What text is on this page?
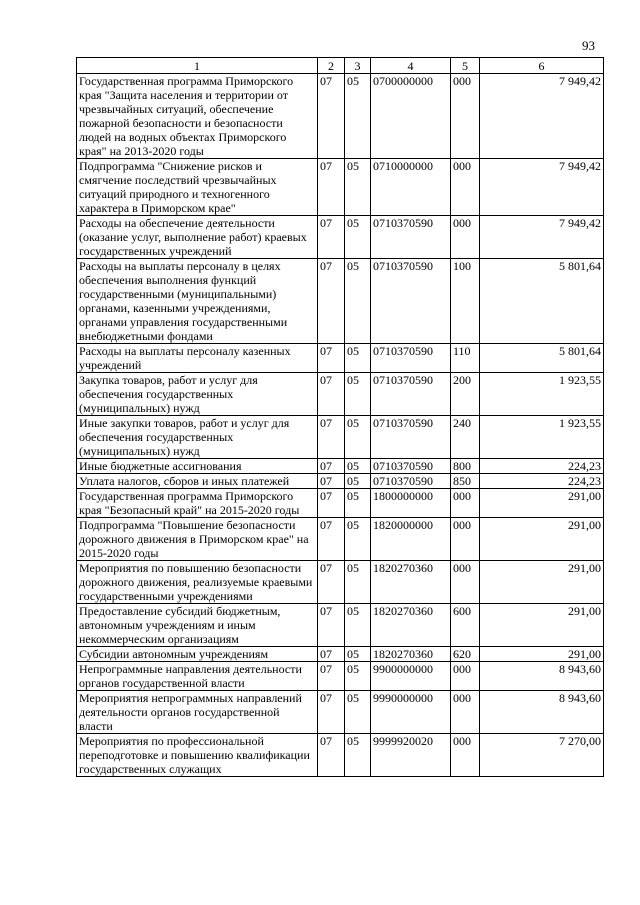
93
1	2	3	4	5	6
Государственная программа Приморского края "Защита населения и территории от чрезвычайных ситуаций, обеспечение пожарной безопасности и безопасности людей на водных объектах Приморского края" на 2013-2020 годы	07	05	0700000000	000	7 949,42
Подпрограмма "Снижение рисков и смягчение последствий чрезвычайных ситуаций природного и техногенного характера в Приморском крае"	07	05	0710000000	000	7 949,42
Расходы на обеспечение деятельности (оказание услуг, выполнение работ) краевых государственных учреждений	07	05	0710370590	000	7 949,42
Расходы на выплаты персоналу в целях обеспечения выполнения функций государственными (муниципальными) органами, казенными учреждениями, органами управления государственными внебюджетными фондами	07	05	0710370590	100	5 801,64
Расходы на выплаты персоналу казенных учреждений	07	05	0710370590	110	5 801,64
Закупка товаров, работ и услуг для обеспечения государственных (муниципальных) нужд	07	05	0710370590	200	1 923,55
Иные закупки товаров, работ и услуг для обеспечения государственных (муниципальных) нужд	07	05	0710370590	240	1 923,55
Иные бюджетные ассигнования	07	05	0710370590	800	224,23
Уплата налогов, сборов и иных платежей	07	05	0710370590	850	224,23
Государственная программа Приморского края "Безопасный край" на 2015-2020 годы	07	05	1800000000	000	291,00
Подпрограмма "Повышение безопасности дорожного движения в Приморском крае" на 2015-2020 годы	07	05	1820000000	000	291,00
Мероприятия по повышению безопасности дорожного движения, реализуемые краевыми государственными учреждениями	07	05	1820270360	000	291,00
Предоставление субсидий бюджетным, автономным учреждениям и иным некоммерческим организациям	07	05	1820270360	600	291,00
Субсидии автономным учреждениям	07	05	1820270360	620	291,00
Непрограммные направления деятельности органов государственной власти	07	05	9900000000	000	8 943,60
Мероприятия непрограммных направлений деятельности органов государственной власти	07	05	9990000000	000	8 943,60
Мероприятия по профессиональной переподготовке и повышению квалификации государственных служащих	07	05	9999920020	000	7 270,00
